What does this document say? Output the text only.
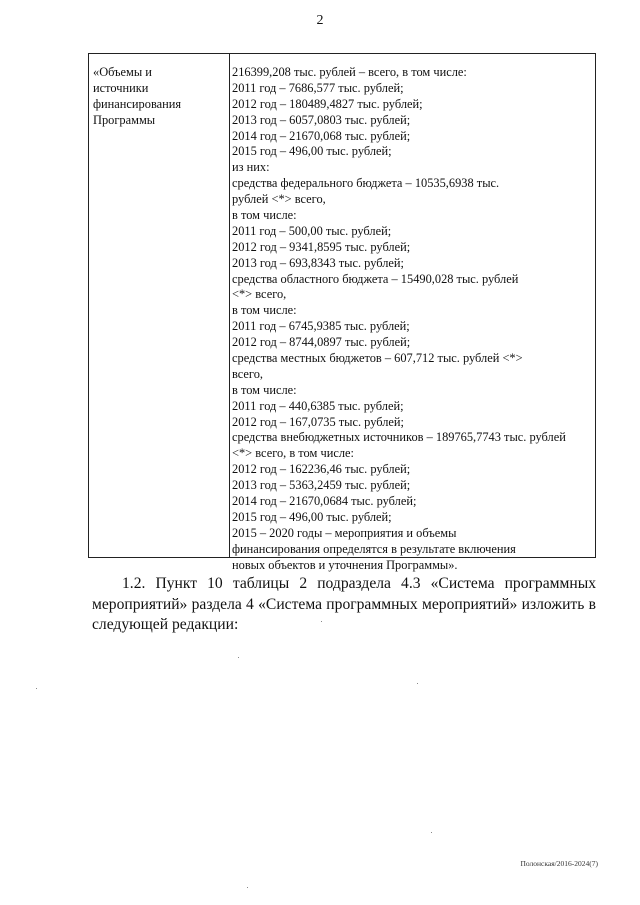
2
«Объемы и
источники
финансирования
Программы
216399,208 тыс. рублей – всего, в том числе:
2011 год – 7686,577 тыс. рублей;
2012 год – 180489,4827 тыс. рублей;
2013 год – 6057,0803 тыс. рублей;
2014 год – 21670,068 тыс. рублей;
2015 год – 496,00 тыс. рублей;
из них:
средства федерального бюджета – 10535,6938 тыс.
рублей <*> всего,
в том числе:
2011 год – 500,00 тыс. рублей;
2012 год – 9341,8595 тыс. рублей;
2013 год – 693,8343 тыс. рублей;
средства областного бюджета – 15490,028 тыс. рублей
<*> всего,
в том числе:
2011 год – 6745,9385 тыс. рублей;
2012 год – 8744,0897 тыс. рублей;
средства местных бюджетов – 607,712 тыс. рублей <*>
всего,
в том числе:
2011 год – 440,6385 тыс. рублей;
2012 год – 167,0735 тыс. рублей;
средства внебюджетных источников – 189765,7743 тыс. рублей
<*> всего, в том числе:
2012 год – 162236,46 тыс. рублей;
2013 год – 5363,2459 тыс. рублей;
2014 год – 21670,0684 тыс. рублей;
2015 год – 496,00 тыс. рублей;
2015 – 2020 годы – мероприятия и объемы
финансирования определятся в результате включения
новых объектов и уточнения Программы».
1.2. Пункт 10 таблицы 2 подраздела 4.3 «Система программных
мероприятий» раздела 4 «Система программных мероприятий» изложить в
следующей редакции:
Полонская/2016-2024(7)
